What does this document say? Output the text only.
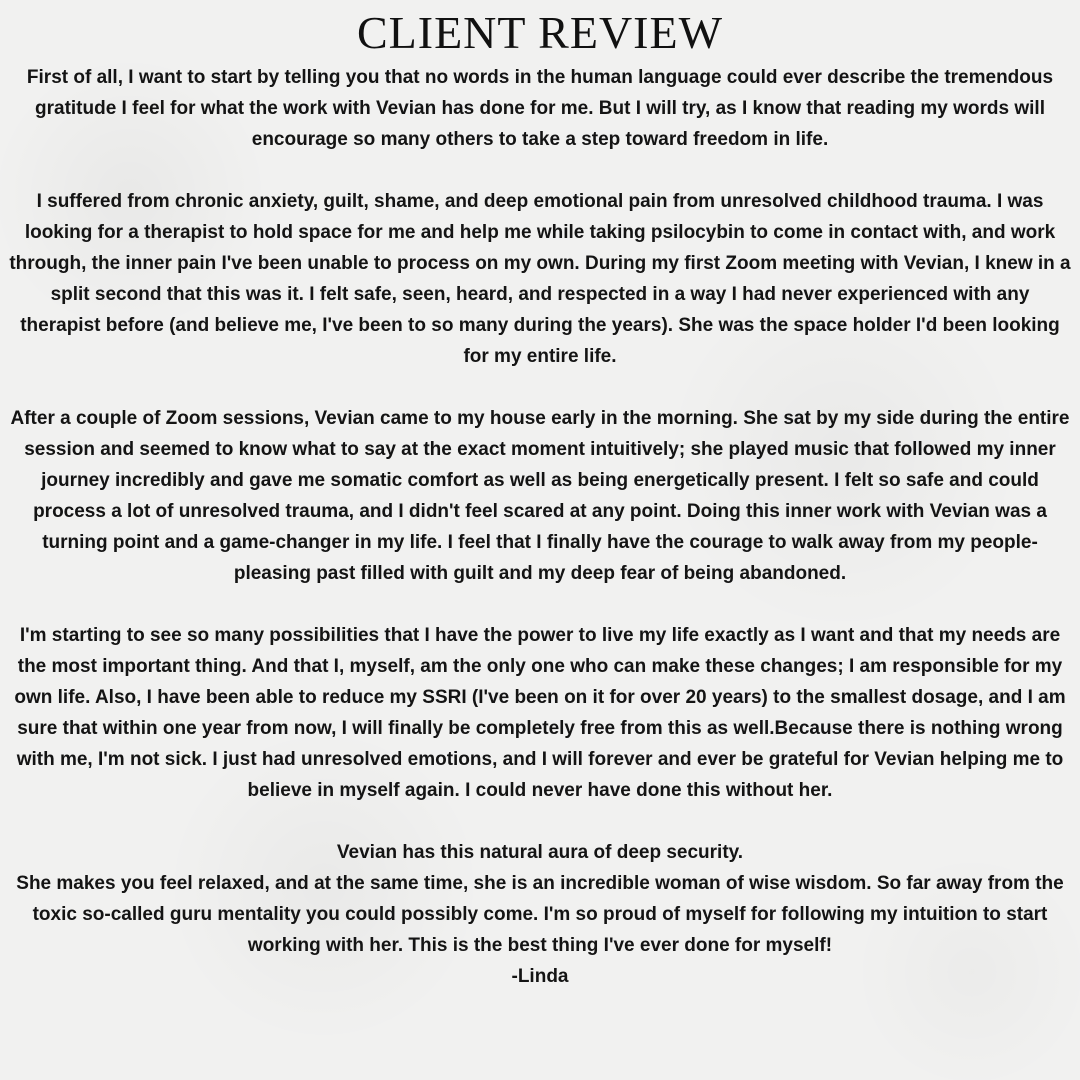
CLIENT REVIEW

First of all, I want to start by telling you that no words in the human language could ever describe the tremendous gratitude I feel for what the work with Vevian has done for me. But I will try, as I know that reading my words will encourage so many others to take a step toward freedom in life.

I suffered from chronic anxiety, guilt, shame, and deep emotional pain from unresolved childhood trauma. I was looking for a therapist to hold space for me and help me while taking psilocybin to come in contact with, and work through, the inner pain I've been unable to process on my own. During my first Zoom meeting with Vevian, I knew in a split second that this was it. I felt safe, seen, heard, and respected in a way I had never experienced with any therapist before (and believe me, I've been to so many during the years). She was the space holder I'd been looking for my entire life.

After a couple of Zoom sessions, Vevian came to my house early in the morning. She sat by my side during the entire session and seemed to know what to say at the exact moment intuitively; she played music that followed my inner journey incredibly and gave me somatic comfort as well as being energetically present. I felt so safe and could process a lot of unresolved trauma, and I didn't feel scared at any point. Doing this inner work with Vevian was a turning point and a game-changer in my life. I feel that I finally have the courage to walk away from my people-pleasing past filled with guilt and my deep fear of being abandoned.

I'm starting to see so many possibilities that I have the power to live my life exactly as I want and that my needs are the most important thing. And that I, myself, am the only one who can make these changes; I am responsible for my own life. Also, I have been able to reduce my SSRI (I've been on it for over 20 years) to the smallest dosage, and I am sure that within one year from now, I will finally be completely free from this as well.Because there is nothing wrong with me, I'm not sick. I just had unresolved emotions, and I will forever and ever be grateful for Vevian helping me to believe in myself again. I could never have done this without her.

Vevian has this natural aura of deep security.

She makes you feel relaxed, and at the same time, she is an incredible woman of wise wisdom. So far away from the toxic so-called guru mentality you could possibly come. I'm so proud of myself for following my intuition to start working with her. This is the best thing I've ever done for myself!

-Linda
